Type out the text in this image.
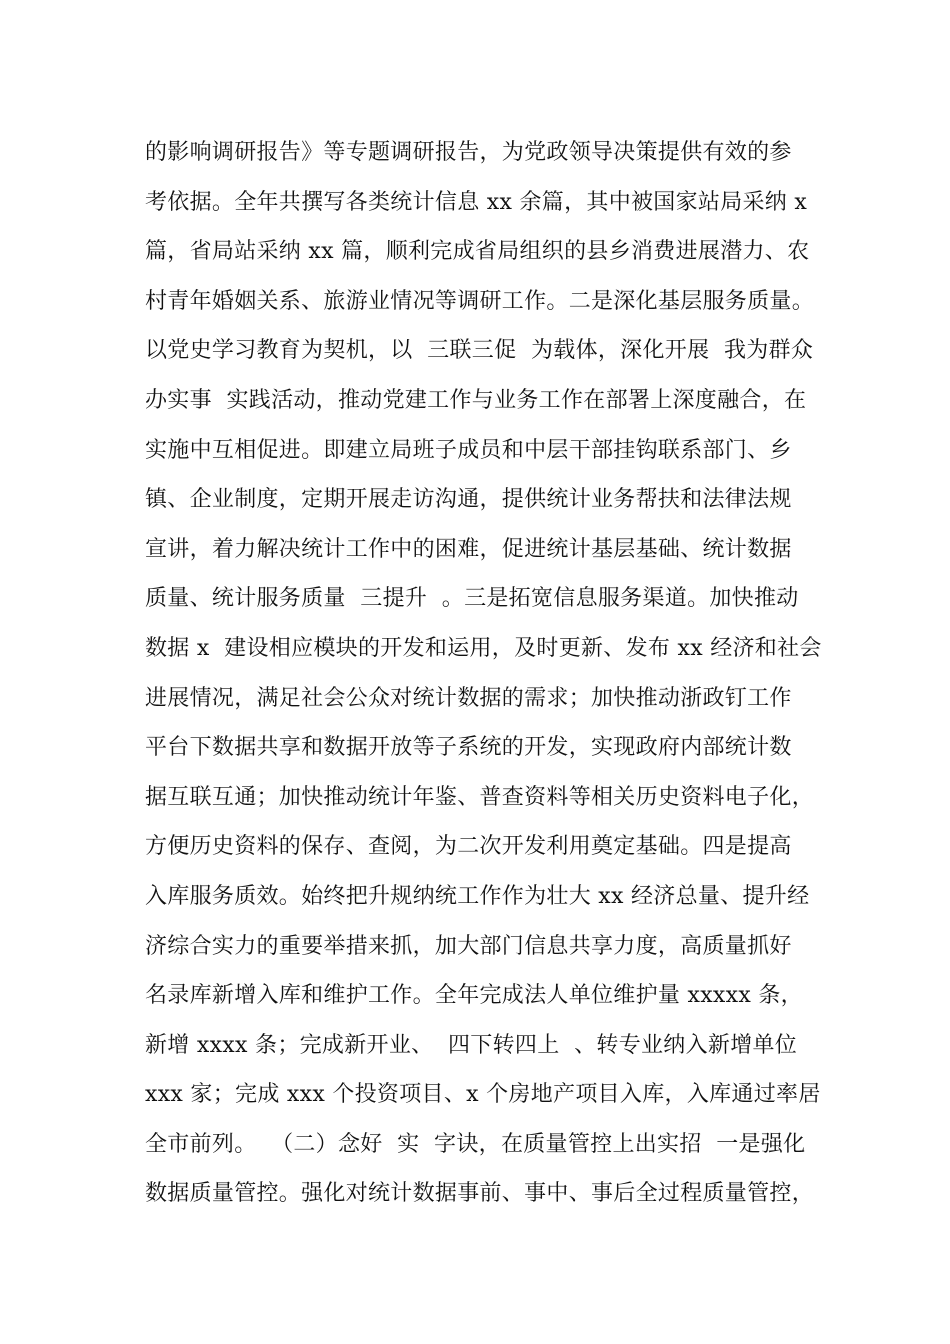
的影响调研报告》等专题调研报告，为党政领导决策提供有效的参
考依据。全年共撰写各类统计信息 xx 余篇，其中被国家站局采纳 x
篇，省局站采纳 xx 篇，顺利完成省局组织的县乡消费进展潜力、农
村青年婚姻关系、旅游业情况等调研工作。二是深化基层服务质量。
以党史学习教育为契机，以  三联三促  为载体，深化开展  我为群众
办实事  实践活动，推动党建工作与业务工作在部署上深度融合，在
实施中互相促进。即建立局班子成员和中层干部挂钩联系部门、乡
镇、企业制度，定期开展走访沟通，提供统计业务帮扶和法律法规
宣讲，着力解决统计工作中的困难，促进统计基层基础、统计数据
质量、统计服务质量  三提升  。三是拓宽信息服务渠道。加快推动
数据 x  建设相应模块的开发和运用，及时更新、发布 xx 经济和社会
进展情况，满足社会公众对统计数据的需求；加快推动浙政钉工作
平台下数据共享和数据开放等子系统的开发，实现政府内部统计数
据互联互通；加快推动统计年鉴、普查资料等相关历史资料电子化，
方便历史资料的保存、查阅，为二次开发利用奠定基础。四是提高
入库服务质效。始终把升规纳统工作作为壮大 xx 经济总量、提升经
济综合实力的重要举措来抓，加大部门信息共享力度，高质量抓好
名录库新增入库和维护工作。全年完成法人单位维护量 xxxxx 条，
新增 xxxx 条；完成新开业、  四下转四上  、转专业纳入新增单位
xxx 家；完成 xxx 个投资项目、x 个房地产项目入库，入库通过率居
全市前列。  （二）念好  实  字诀，在质量管控上出实招  一是强化
数据质量管控。强化对统计数据事前、事中、事后全过程质量管控，
